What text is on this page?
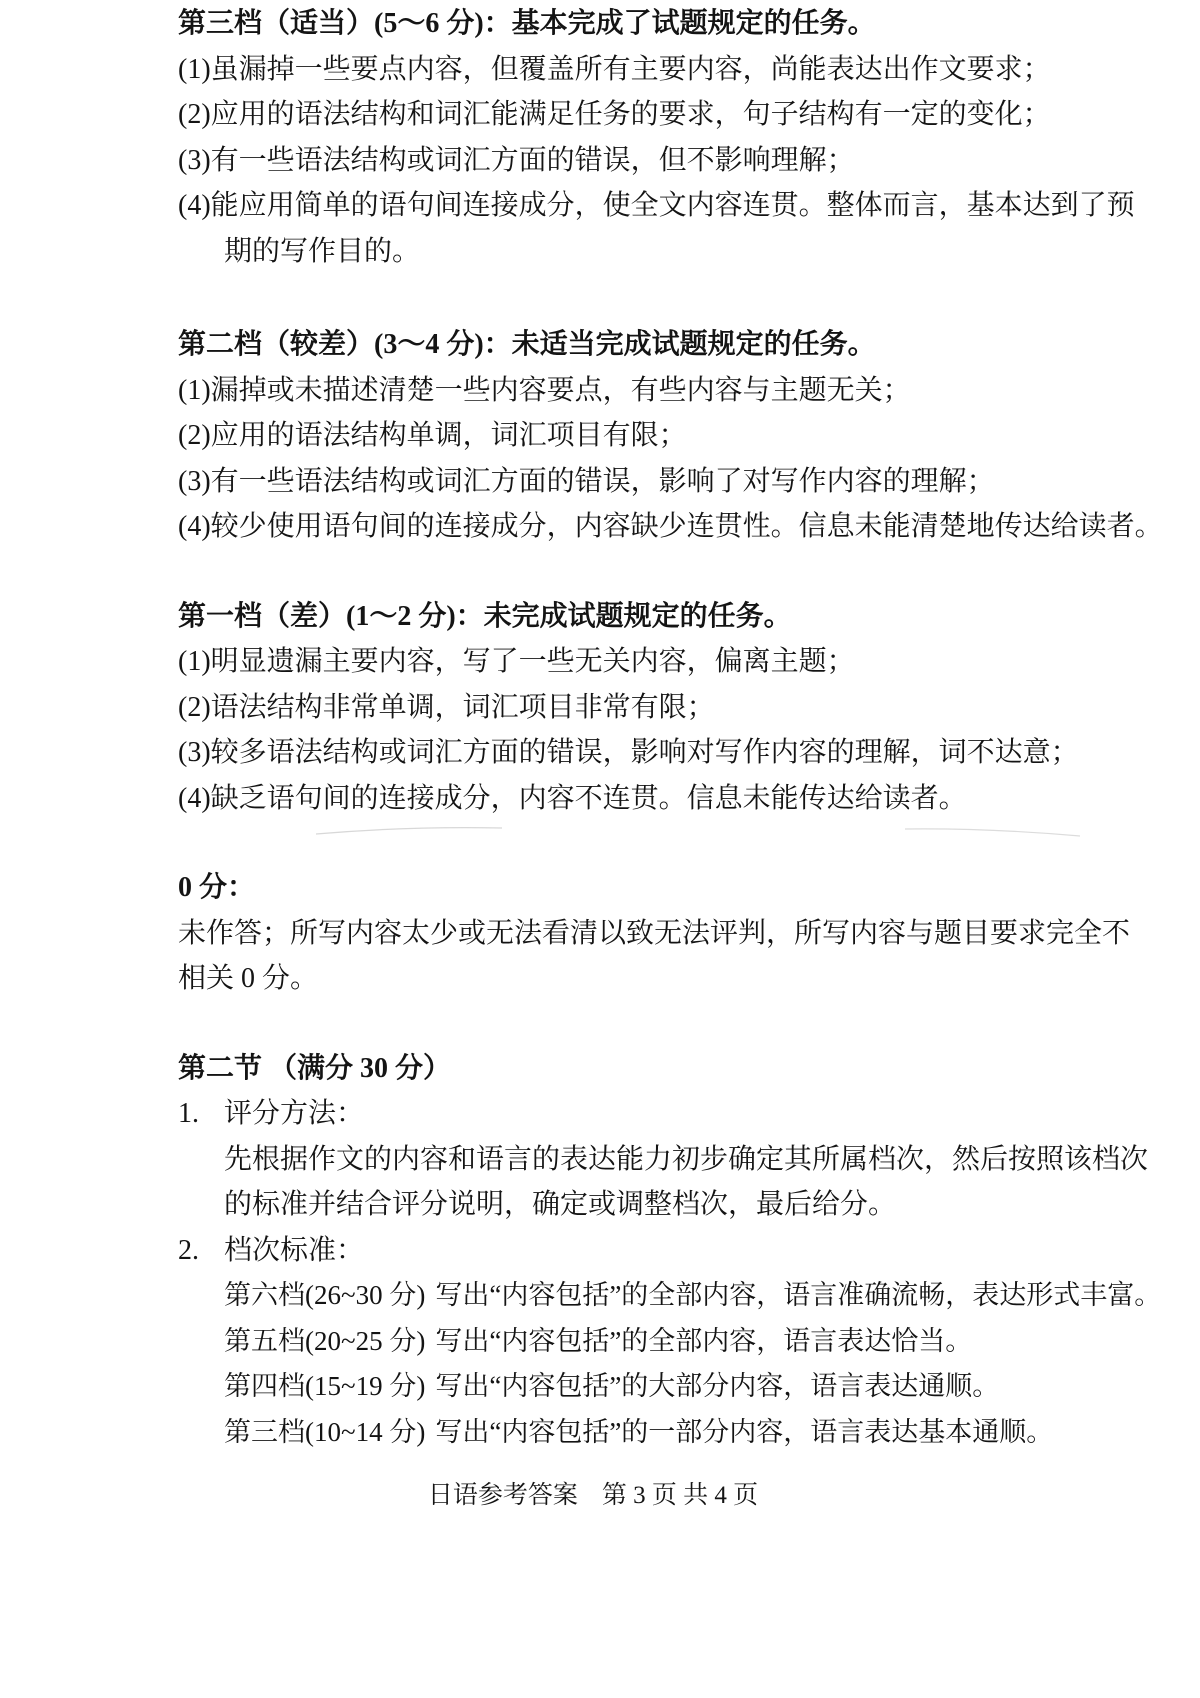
第三档（适当）(5～6 分)：基本完成了试题规定的任务。
(1)虽漏掉一些要点内容，但覆盖所有主要内容，尚能表达出作文要求；
(2)应用的语法结构和词汇能满足任务的要求，句子结构有一定的变化；
(3)有一些语法结构或词汇方面的错误，但不影响理解；
(4)能应用简单的语句间连接成分，使全文内容连贯。整体而言，基本达到了预
期的写作目的。
第二档（较差）(3～4 分)：未适当完成试题规定的任务。
(1)漏掉或未描述清楚一些内容要点，有些内容与主题无关；
(2)应用的语法结构单调，词汇项目有限；
(3)有一些语法结构或词汇方面的错误，影响了对写作内容的理解；
(4)较少使用语句间的连接成分，内容缺少连贯性。信息未能清楚地传达给读者。
第一档（差）(1～2 分)：未完成试题规定的任务。
(1)明显遗漏主要内容，写了一些无关内容，偏离主题；
(2)语法结构非常单调，词汇项目非常有限；
(3)较多语法结构或词汇方面的错误，影响对写作内容的理解，词不达意；
(4)缺乏语句间的连接成分，内容不连贯。信息未能传达给读者。
0 分：
未作答；所写内容太少或无法看清以致无法评判，所写内容与题目要求完全不
相关 0 分。
第二节 （满分 30 分）
1. 评分方法：
先根据作文的内容和语言的表达能力初步确定其所属档次，然后按照该档次
的标准并结合评分说明，确定或调整档次，最后给分。
2. 档次标准：
第六档(26~30 分) 写出“内容包括”的全部内容，语言准确流畅，表达形式丰富。
第五档(20~25 分) 写出“内容包括”的全部内容，语言表达恰当。
第四档(15~19 分) 写出“内容包括”的大部分内容，语言表达通顺。
第三档(10~14 分) 写出“内容包括”的一部分内容，语言表达基本通顺。
日语参考答案 第 3 页 共 4 页
